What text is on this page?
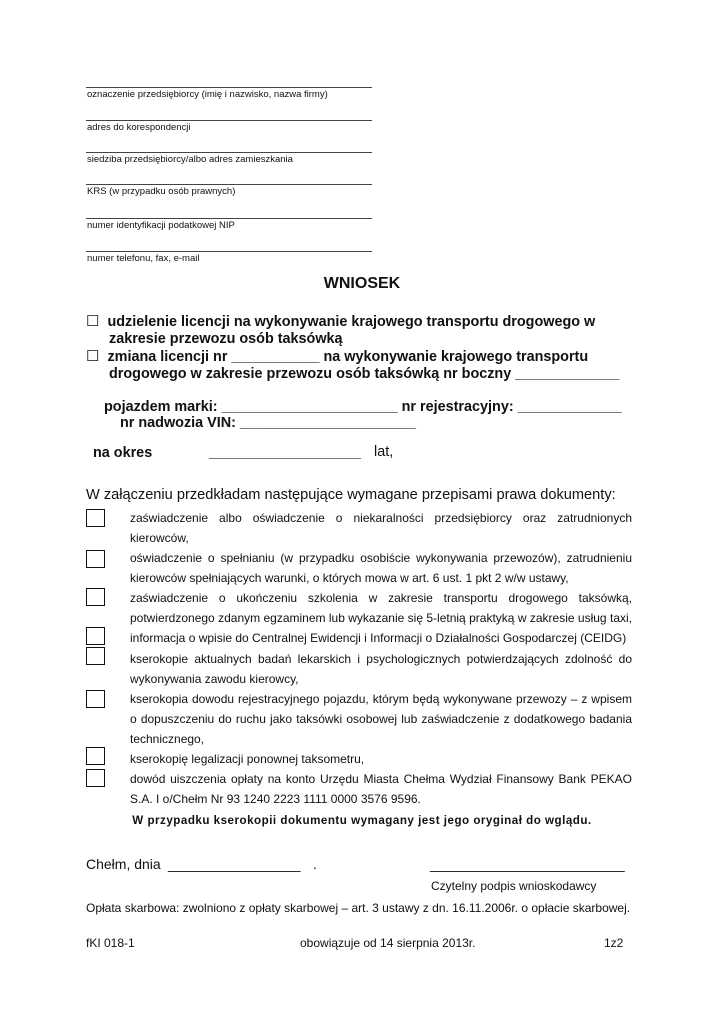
oznaczenie przedsiębiorcy (imię i nazwisko, nazwa firmy)
adres do korespondencji
siedziba przedsiębiorcy/albo adres zamieszkania
KRS (w przypadku osób prawnych)
numer identyfikacji podatkowej NIP
numer telefonu, fax, e-mail
WNIOSEK
☐ udzielenie licencji na wykonywanie krajowego transportu drogowego w
zakresie przewozu osób taksówką
☐ zmiana licencji nr ___________ na wykonywanie krajowego transportu
drogowego w zakresie przewozu osób taksówką nr boczny _____________
pojazdem marki: ______________________ nr rejestracyjny: _____________
nr nadwozia VIN: ______________________
na okres	___________________ lat,
W załączeniu przedkładam następujące wymagane przepisami prawa dokumenty:
zaświadczenie albo oświadczenie o niekaralności przedsiębiorcy oraz zatrudnionych
kierowców,
oświadczenie o spełnianiu (w przypadku osobiście wykonywania przewozów), zatrudnieniu
kierowców spełniających warunki, o których mowa w art. 6 ust. 1 pkt 2 w/w ustawy,
zaświadczenie o ukończeniu szkolenia w zakresie transportu drogowego taksówką,
potwierdzonego zdanym egzaminem lub wykazanie się 5-letnią praktyką w zakresie usług taxi,
informacja o wpisie do Centralnej Ewidencji i Informacji o Działalności Gospodarczej (CEIDG)
kserokopie aktualnych badań lekarskich i psychologicznych potwierdzających zdolność do
wykonywania zawodu kierowcy,
kserokopia dowodu rejestracyjnego pojazdu, którym będą wykonywane przewozy – z wpisem
o dopuszczeniu do ruchu jako taksówki osobowej lub zaświadczenie z dodatkowego badania
technicznego,
kserokopię legalizacji ponownej taksometru,
dowód uiszczenia opłaty na konto Urzędu Miasta Chełma Wydział Finansowy Bank PEKAO
S.A. I o/Chełm Nr 93 1240 2223 1111 0000 3576 9596.
W przypadku kserokopii dokumentu wymagany jest jego oryginał do wglądu.
Chełm, dnia _________________ .	_________________________
Czytelny podpis wnioskodawcy
Opłata skarbowa: zwolniono z opłaty skarbowej – art. 3 ustawy z dn. 16.11.2006r. o opłacie skarbowej.
fKI 018-1	obowiązuje od 14 sierpnia 2013r.	1z2
